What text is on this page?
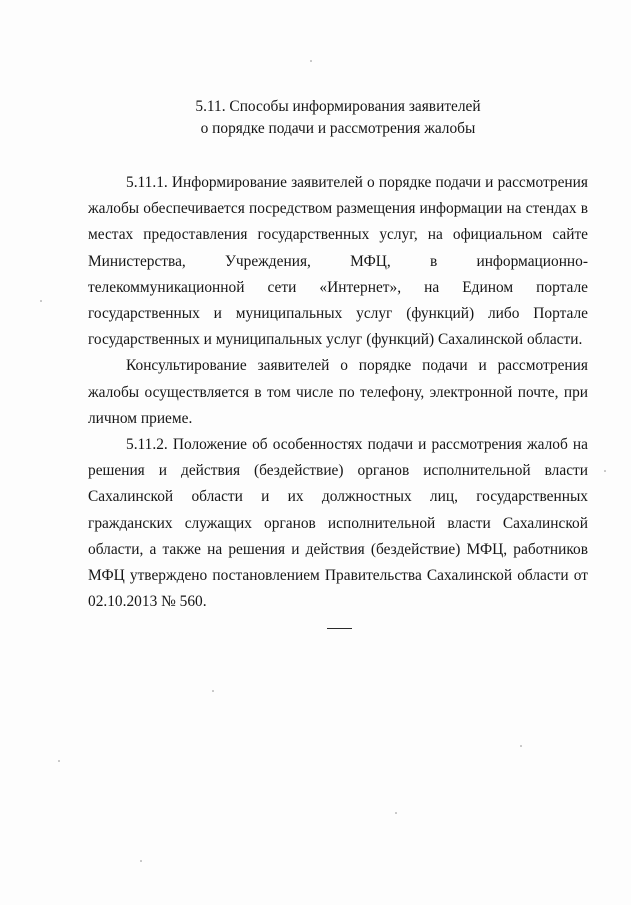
5.11. Способы информирования заявителей
о порядке подачи и рассмотрения жалобы

5.11.1. Информирование заявителей о порядке подачи и рассмотрения жалобы обеспечивается посредством размещения информации на стендах в местах предоставления государственных услуг, на официальном сайте Министерства, Учреждения, МФЦ, в информационно-телекоммуникационной сети «Интернет», на Едином портале государственных и муниципальных услуг (функций) либо Портале государственных и муниципальных услуг (функций) Сахалинской области.

Консультирование заявителей о порядке подачи и рассмотрения жалобы осуществляется в том числе по телефону, электронной почте, при личном приеме.

5.11.2. Положение об особенностях подачи и рассмотрения жалоб на решения и действия (бездействие) органов исполнительной власти Сахалинской области и их должностных лиц, государственных гражданских служащих органов исполнительной власти Сахалинской области, а также на решения и действия (бездействие) МФЦ, работников МФЦ утверждено постановлением Правительства Сахалинской области от 02.10.2013 № 560.
